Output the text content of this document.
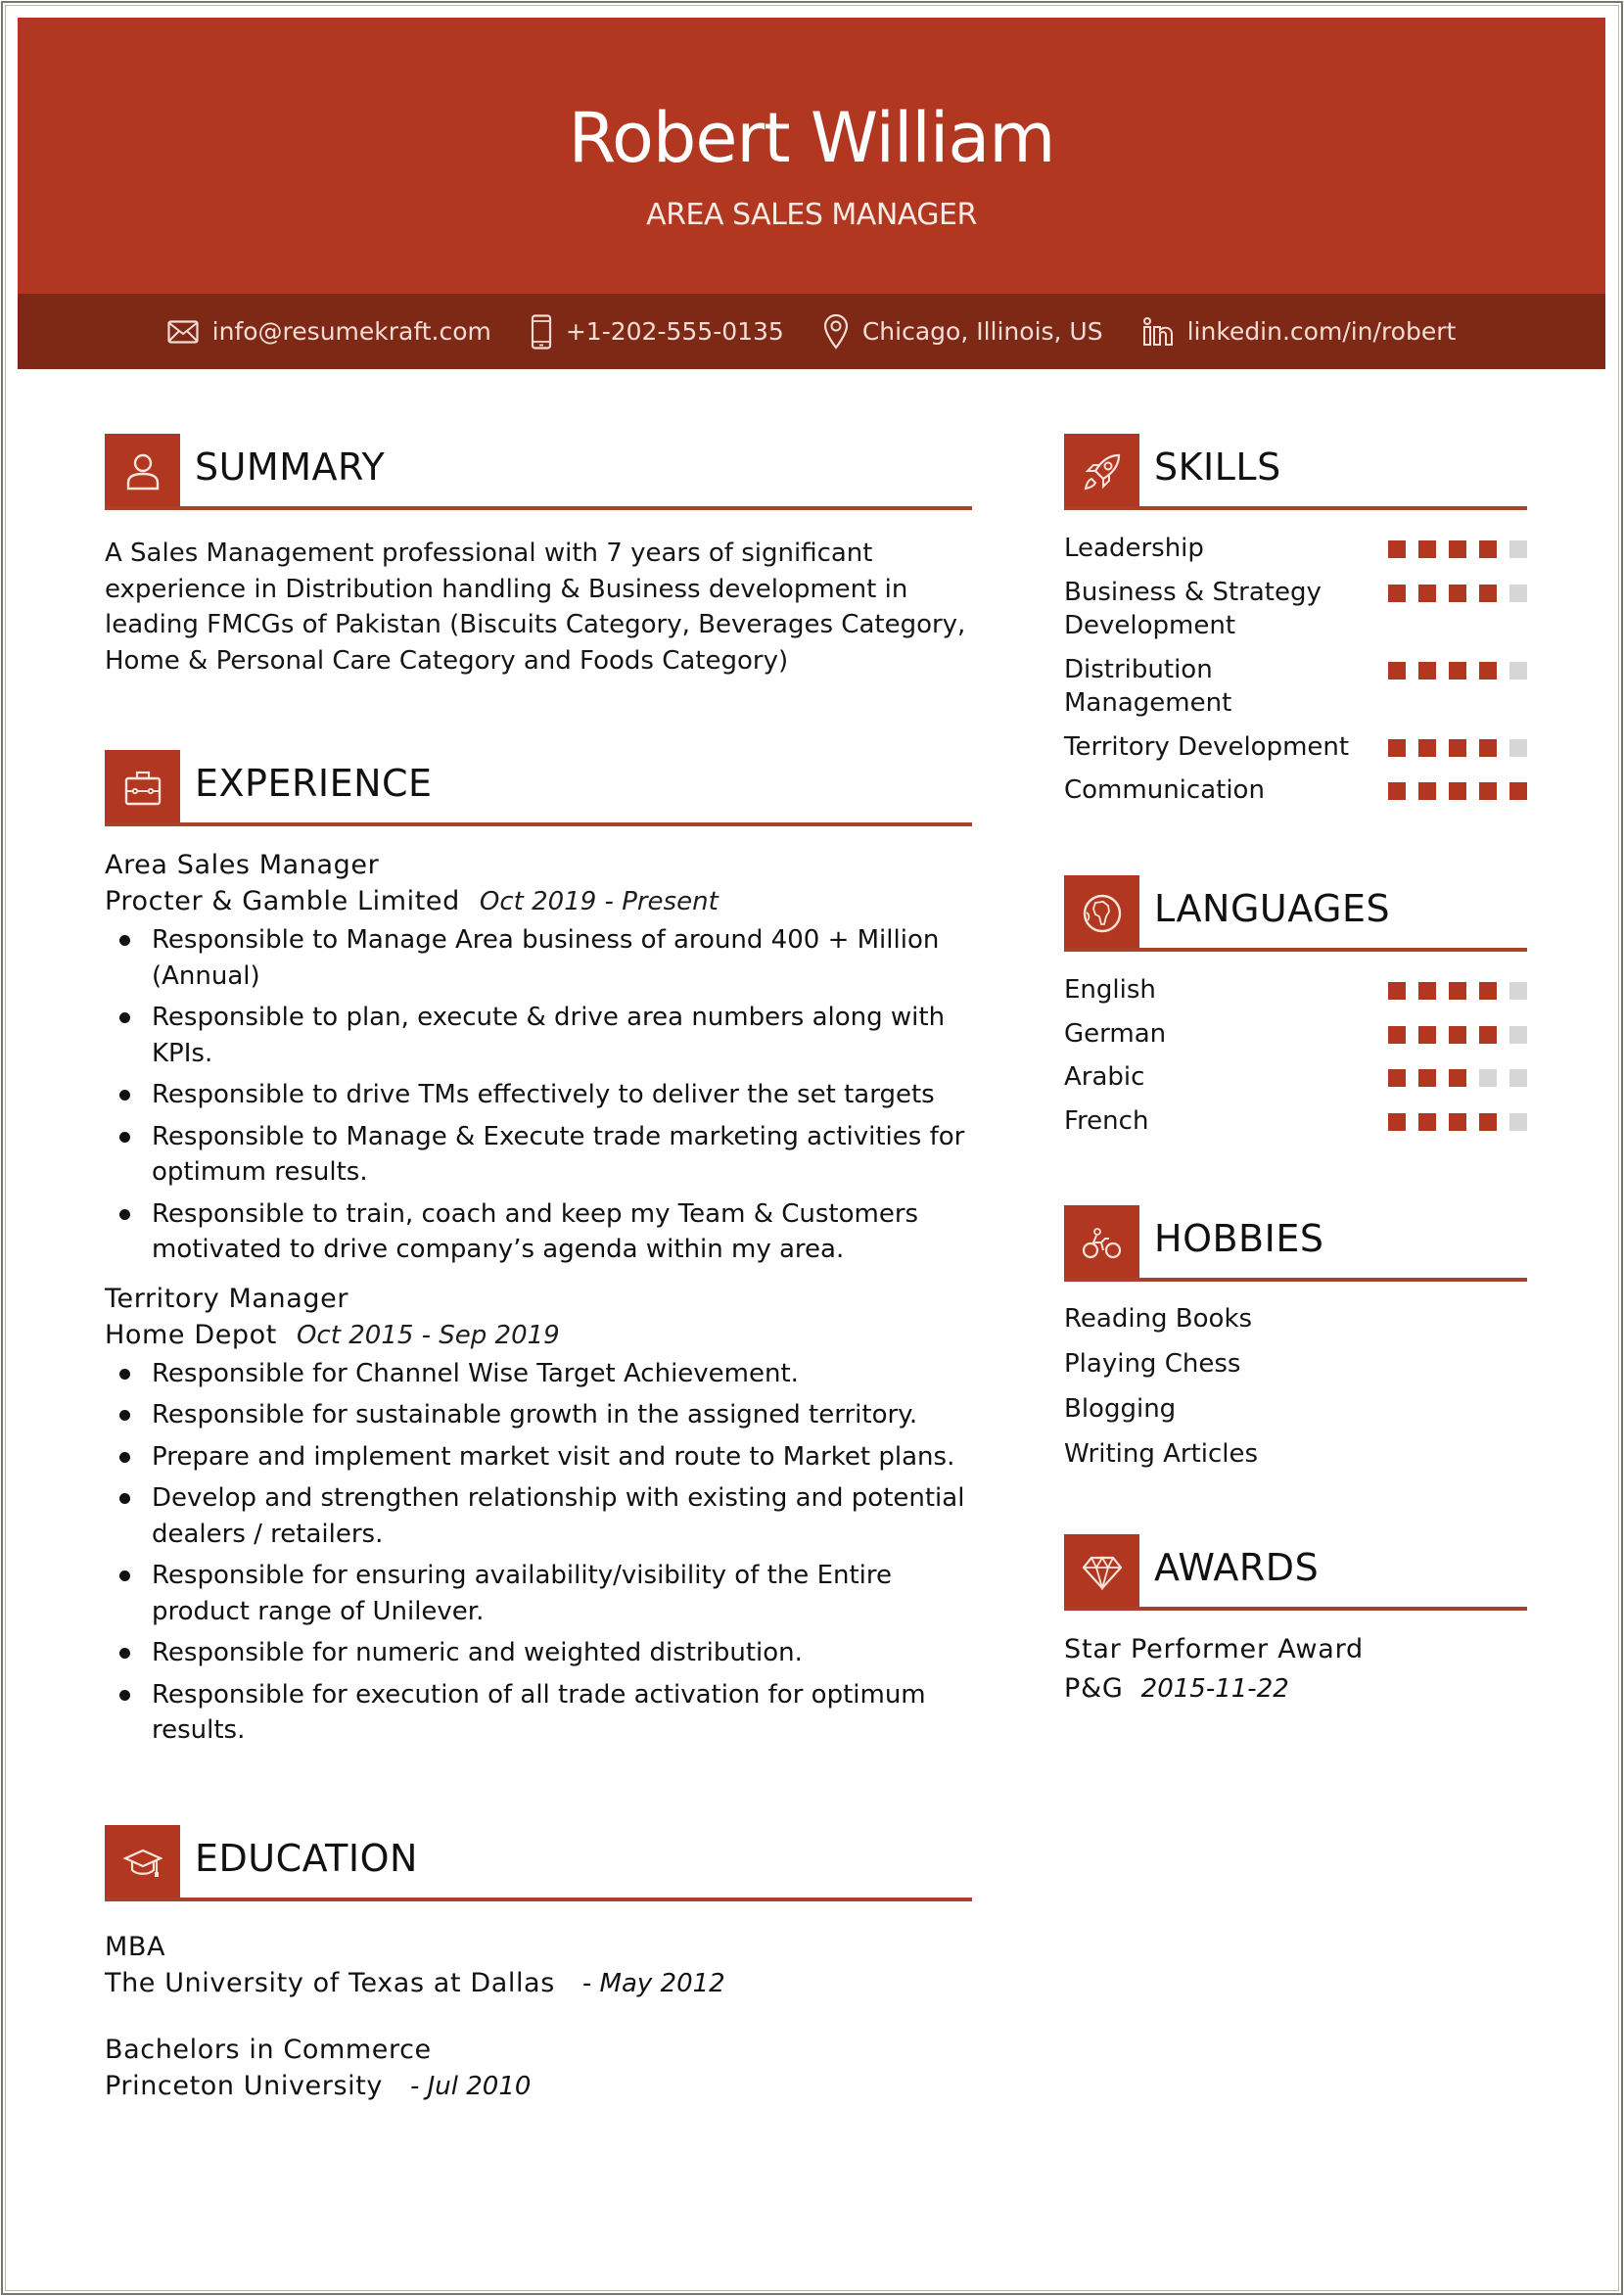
Robert William
AREA SALES MANAGER
info@resumekraft.com	+1-202-555-0135	Chicago, Illinois, US	linkedin.com/in/robert
SUMMARY

A Sales Management professional with 7 years of significant experience in Distribution handling & Business development in leading FMCGs of Pakistan (Biscuits Category, Beverages Category, Home & Personal Care Category and Foods Category)

EXPERIENCE
Area Sales Manager
Procter & Gamble Limited Oct 2019 - Present
Responsible to Manage Area business of around 400 + Million (Annual)
Responsible to plan, execute & drive area numbers along with KPIs.
Responsible to drive TMs effectively to deliver the set targets
Responsible to Manage & Execute trade marketing activities for optimum results.
Responsible to train, coach and keep my Team & Customers motivated to drive company’s agenda within my area.
Territory Manager
Home Depot Oct 2015 - Sep 2019
Responsible for Channel Wise Target Achievement.
Responsible for sustainable growth in the assigned territory.
Prepare and implement market visit and route to Market plans.
Develop and strengthen relationship with existing and potential dealers / retailers.
Responsible for ensuring availability/visibility of the Entire product range of Unilever.
Responsible for numeric and weighted distribution.
Responsible for execution of all trade activation for optimum results.
EDUCATION
MBA
The University of Texas at Dallas - May 2012
Bachelors in Commerce
Princeton University - Jul 2010
SKILLS
Leadership
Business & Strategy Development
Distribution Management
Territory Development
Communication
LANGUAGES
English
German
Arabic
French
HOBBIES
Reading Books
Playing Chess
Blogging
Writing Articles
AWARDS
Star Performer Award
P&G 2015-11-22
